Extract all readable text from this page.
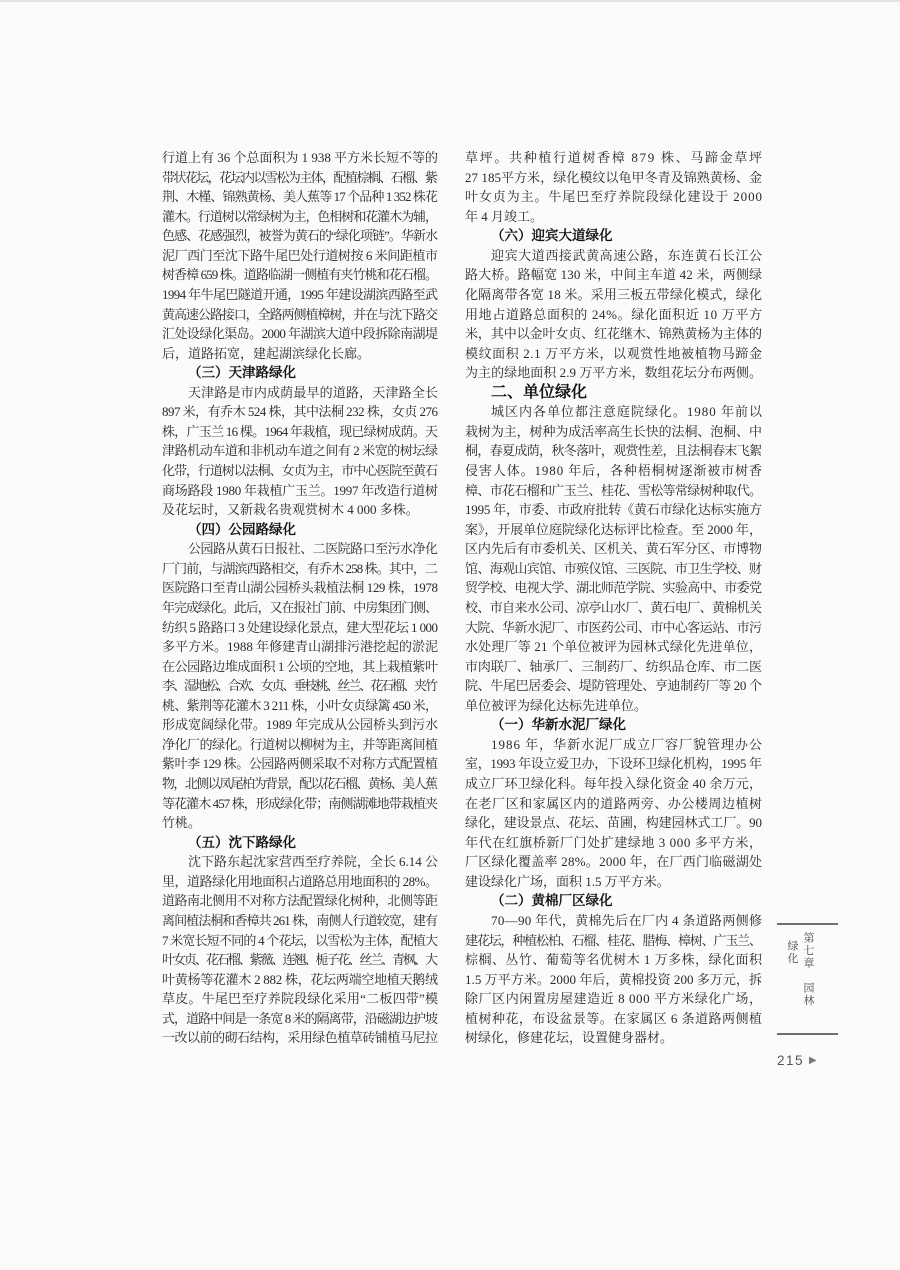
行道上有 36 个总面积为 1 938 平方米长短不等的
带状花坛，花坛内以雪松为主体，配植棕榈、石榴、紫
荆、木槿、锦熟黄杨、美人蕉等 17 个品种 1 352 株花
灌木。行道树以常绿树为主，色相树和花灌木为辅，
色感、花感强烈，被誉为黄石的“绿化项链”。华新水
泥厂西门至沈下路牛尾巴处行道树按 6 米间距植市
树香樟 659 株。道路临湖一侧植有夹竹桃和花石榴。
1994 年牛尾巴隧道开通，1995 年建设湖滨西路至武
黄高速公路接口，全路两侧植樟树，并在与沈下路交
汇处设绿化渠岛。2000 年湖滨大道中段拆除南湖堤
后，道路拓宽，建起湖滨绿化长廊。
（三）天津路绿化
天津路是市内成荫最早的道路，天津路全长
897 米，有乔木 524 株，其中法桐 232 株，女贞 276
株，广玉兰 16 棵。1964 年栽植，现已绿树成荫。天
津路机动车道和非机动车道之间有 2 米宽的树坛绿
化带，行道树以法桐、女贞为主，市中心医院至黄石
商场路段 1980 年栽植广玉兰。1997 年改造行道树
及花坛时，又新栽名贵观赏树木 4 000 多株。
（四）公园路绿化
公园路从黄石日报社、二医院路口至污水净化
厂门前，与湖滨西路相交，有乔木 258 株。其中，二
医院路口至青山湖公园桥头栽植法桐 129 株，1978
年完成绿化。此后，又在报社门前、中房集团门侧、
纺织 5 路路口 3 处建设绿化景点，建大型花坛 1 000
多平方米。1988 年修建青山湖排污港挖起的淤泥
在公园路边堆成面积 1 公顷的空地，其上栽植紫叶
李、湿地松、合欢、女贞、垂枝桃、丝兰、花石榴、夹竹
桃、紫荆等花灌木 3 211 株，小叶女贞绿篱 450 米，
形成宽阔绿化带。1989 年完成从公园桥头到污水
净化厂的绿化。行道树以柳树为主，并等距离间植
紫叶李 129 株。公园路两侧采取不对称方式配置植
物，北侧以凤尾柏为背景，配以花石榴、黄杨、美人蕉
等花灌木 457 株，形成绿化带；南侧湖滩地带栽植夹
竹桃。
（五）沈下路绿化
沈下路东起沈家营西至疗养院，全长 6.14 公
里，道路绿化用地面积占道路总用地面积的 28%。
道路南北侧用不对称方法配置绿化树种，北侧等距
离间植法桐和香樟共 261 株，南侧人行道较宽，建有
7 米宽长短不同的 4 个花坛，以雪松为主体，配植大
叶女贞、花石榴、紫薇、连翘、栀子花、丝兰、青枫、大
叶黄杨等花灌木 2 882 株，花坛两端空地植天鹅绒
草皮。牛尾巴至疗养院段绿化采用“二板四带”模
式，道路中间是一条宽 8 米的隔离带，沿磁湖边护坡
一改以前的砌石结构，采用绿色植草砖铺植马尼拉
草坪。共种植行道树香樟 879 株、马蹄金草坪
27 185平方米，绿化模纹以龟甲冬青及锦熟黄杨、金
叶女贞为主。牛尾巴至疗养院段绿化建设于 2000
年 4 月竣工。
（六）迎宾大道绿化
迎宾大道西接武黄高速公路，东连黄石长江公
路大桥。路幅宽 130 米，中间主车道 42 米，两侧绿
化隔离带各宽 18 米。采用三板五带绿化模式，绿化
用地占道路总面积的 24%。绿化面积近 10 万平方
米，其中以金叶女贞、红花继木、锦熟黄杨为主体的
模纹面积 2.1 万平方米，以观赏性地被植物马蹄金
为主的绿地面积 2.9 万平方米，数组花坛分布两侧。
二、单位绿化
城区内各单位都注意庭院绿化。1980 年前以
栽树为主，树种为成活率高生长快的法桐、泡桐、中
桐，春夏成荫，秋冬落叶，观赏性差，且法桐春末飞絮
侵害人体。1980 年后，各种梧桐树逐渐被市树香
樟、市花石榴和广玉兰、桂花、雪松等常绿树种取代。
1995 年，市委、市政府批转《黄石市绿化达标实施方
案》，开展单位庭院绿化达标评比检查。至 2000 年，
区内先后有市委机关、区机关、黄石军分区、市博物
馆、海观山宾馆、市殡仪馆、三医院、市卫生学校、财
贸学校、电视大学、湖北师范学院、实验高中、市委党
校、市自来水公司、凉亭山水厂、黄石电厂、黄棉机关
大院、华新水泥厂、市医药公司、市中心客运站、市污
水处理厂等 21 个单位被评为园林式绿化先进单位，
市肉联厂、轴承厂、三制药厂、纺织品仓库、市二医
院、牛尾巴居委会、堤防管理处、亨迪制药厂等 20 个
单位被评为绿化达标先进单位。
（一）华新水泥厂绿化
1986 年，华新水泥厂成立厂容厂貌管理办公
室，1993 年设立爱卫办，下设环卫绿化机构，1995 年
成立厂环卫绿化科。每年投入绿化资金 40 余万元，
在老厂区和家属区内的道路两旁、办公楼周边植树
绿化，建设景点、花坛、苗圃，构建园林式工厂。90
年代在红旗桥新厂门处扩建绿地 3 000 多平方米，
厂区绿化覆盖率 28%。2000 年，在厂西门临磁湖处
建设绿化广场，面积 1.5 万平方米。
（二）黄棉厂区绿化
70—90 年代，黄棉先后在厂内 4 条道路两侧修
建花坛，种植松柏、石榴、桂花、腊梅、樟树、广玉兰、
棕榈、丛竹、葡萄等名优树木 1 万多株，绿化面积
1.5 万平方米。2000 年后，黄棉投资 200 多万元，拆
除厂区内闲置房屋建造近 8 000 平方米绿化广场，
植树种花，布设盆景等。在家属区 6 条道路两侧植
树绿化，修建花坛，设置健身器材。
第七章 园林 绿化
215 ▶
